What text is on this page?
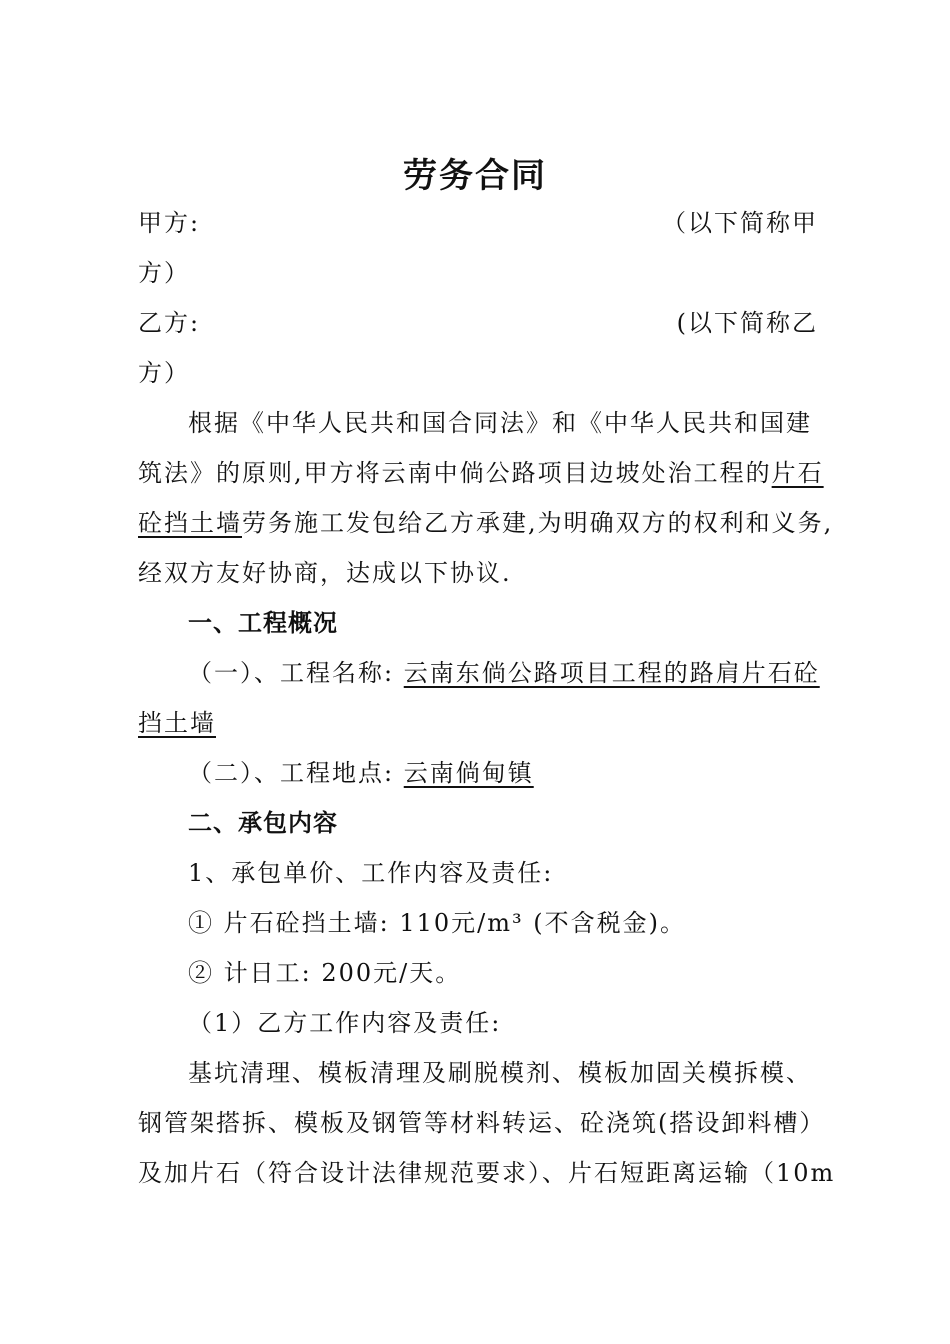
劳务合同
甲方:	（以下简称甲
方）
乙方:	(以下简称乙
方）
根据《中华人民共和国合同法》和《中华人民共和国建
筑法》的原则,甲方将云南中倘公路项目边坡处治工程的片石
砼挡土墙劳务施工发包给乙方承建,为明确双方的权利和义务,
经双方友好协商，达成以下协议.
一、工程概况
（一）、工程名称: 云南东倘公路项目工程的路肩片石砼
挡土墙
（二）、工程地点: 云南倘甸镇
二、承包内容
1、承包单价、工作内容及责任:
① 片石砼挡土墙: 110元/m³ (不含税金)。
② 计日工: 200元/天。
（1）乙方工作内容及责任:
基坑清理、模板清理及刷脱模剂、模板加固关模拆模、
钢管架搭拆、模板及钢管等材料转运、砼浇筑(搭设卸料槽）
及加片石（符合设计法律规范要求）、片石短距离运输（10m
